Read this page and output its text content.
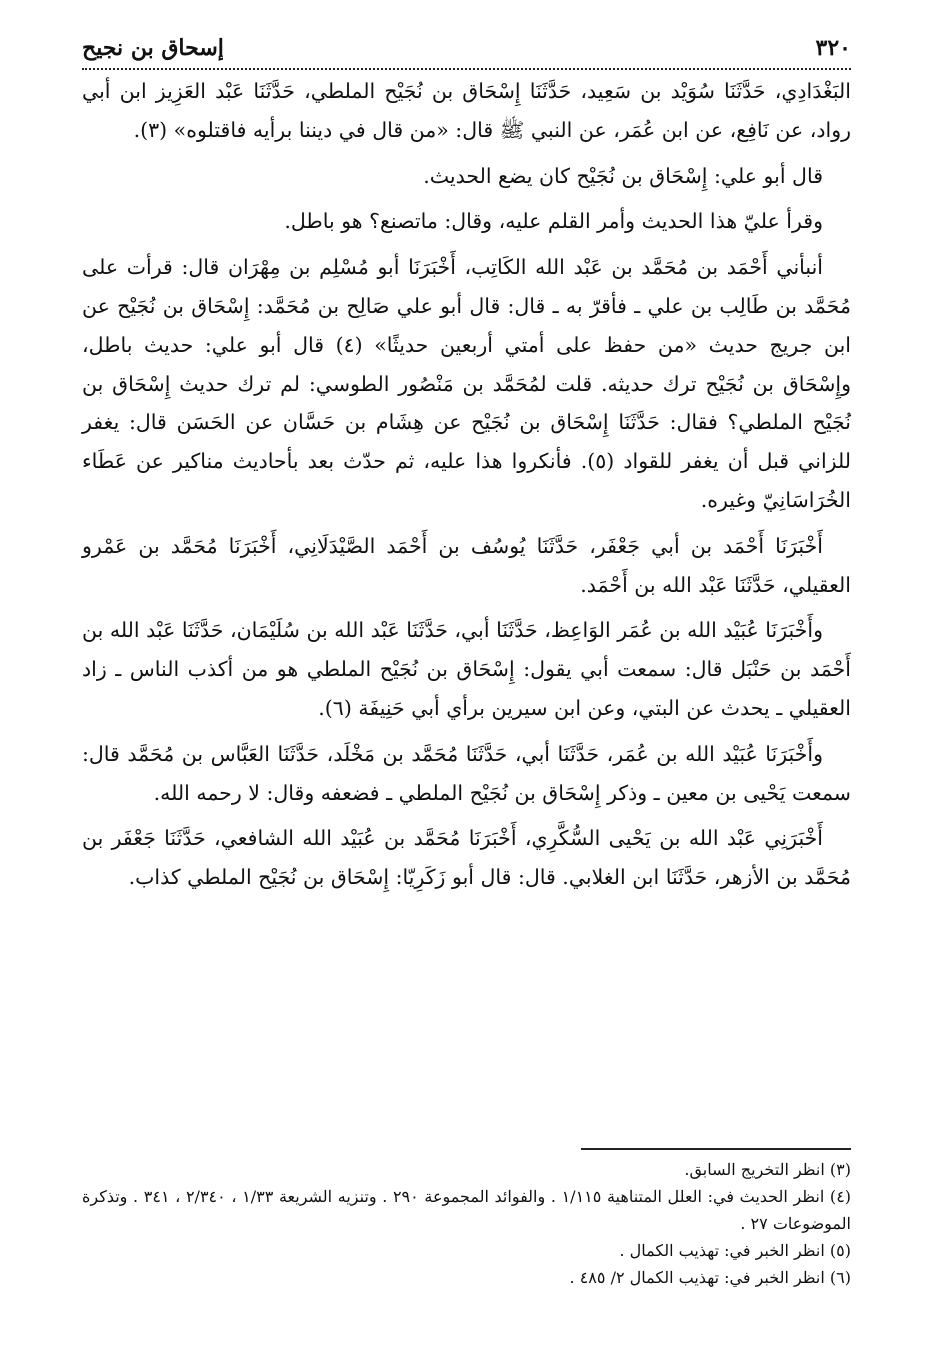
٣٢٠
إسحاق بن نجيح

البَغْدَادِي، حَدَّثَنَا سُوَيْد بن سَعِيد، حَدَّثَنَا إِسْحَاق بن نُجَيْح الملطي، حَدَّثَنَا عَبْد العَزِيز ابن أبي رواد، عن نَافِع، عن ابن عُمَر، عن النبي ﷺ قال: «من قال في ديننا برأيه فاقتلوه» (٣).

قال أبو علي: إِسْحَاق بن نُجَيْح كان يضع الحديث.

وقرأ عليّ هذا الحديث وأمر القلم عليه، وقال: ماتصنع؟ هو باطل.

أنبأني أَحْمَد بن مُحَمَّد بن عَبْد الله الكَاتِب، أَخْبَرَنَا أبو مُسْلِم بن مِهْرَان قال: قرأت على مُحَمَّد بن طَالِب بن علي ـ فأقرّ به ـ قال: قال أبو علي صَالِح بن مُحَمَّد: إِسْحَاق بن نُجَيْح عن ابن جريج حديث «من حفظ على أمتي أربعين حديثًا» (٤) قال أبو علي: حديث باطل، وإِسْحَاق بن نُجَيْح ترك حديثه. قلت لمُحَمَّد بن مَنْصُور الطوسي: لم ترك حديث إِسْحَاق بن نُجَيْح الملطي؟ فقال: حَدَّثَنَا إِسْحَاق بن نُجَيْح عن هِشَام بن حَسَّان عن الحَسَن قال: يغفر للزاني قبل أن يغفر للقواد (٥). فأنكروا هذا عليه، ثم حدّث بعد بأحاديث مناكير عن عَطَاء الخُرَاسَانِيّ وغيره.

أَخْبَرَنَا أَحْمَد بن أبي جَعْفَر، حَدَّثَنَا يُوسُف بن أَحْمَد الصَّيْدَلَانِي، أَخْبَرَنَا مُحَمَّد بن عَمْرو العقيلي، حَدَّثَنَا عَبْد الله بن أَحْمَد.

وأَخْبَرَنَا عُبَيْد الله بن عُمَر الوَاعِظ، حَدَّثَنَا أبي، حَدَّثَنَا عَبْد الله بن سُلَيْمَان، حَدَّثَنَا عَبْد الله بن أَحْمَد بن حَنْبَل قال: سمعت أبي يقول: إِسْحَاق بن نُجَيْح الملطي هو من أكذب الناس ـ زاد العقيلي ـ يحدث عن البتي، وعن ابن سيرين برأي أبي حَنِيفَة (٦).

وأَخْبَرَنَا عُبَيْد الله بن عُمَر، حَدَّثَنَا أبي، حَدَّثَنَا مُحَمَّد بن مَخْلَد، حَدَّثَنَا العَبَّاس بن مُحَمَّد قال: سمعت يَحْيى بن معين ـ وذكر إِسْحَاق بن نُجَيْح الملطي ـ فضعفه وقال: لا رحمه الله.

أَخْبَرَنِي عَبْد الله بن يَحْيى السُّكَّرِي، أَخْبَرَنَا مُحَمَّد بن عُبَيْد الله الشافعي، حَدَّثَنَا جَعْفَر بن مُحَمَّد بن الأزهر، حَدَّثَنَا ابن الغلابي. قال: قال أبو زَكَرِيّا: إِسْحَاق بن نُجَيْح الملطي كذاب.

(٣) انظر التخريج السابق.

(٤) انظر الحديث في: العلل المتناهية ١/١١٥ . والفوائد المجموعة ٢٩٠ . وتنزيه الشريعة ١/٣٣ ، ٢/٣٤٠ ، ٣٤١ . وتذكرة الموضوعات ٢٧ .

(٥) انظر الخبر في: تهذيب الكمال .

(٦) انظر الخبر في: تهذيب الكمال ٢/ ٤٨٥ .
